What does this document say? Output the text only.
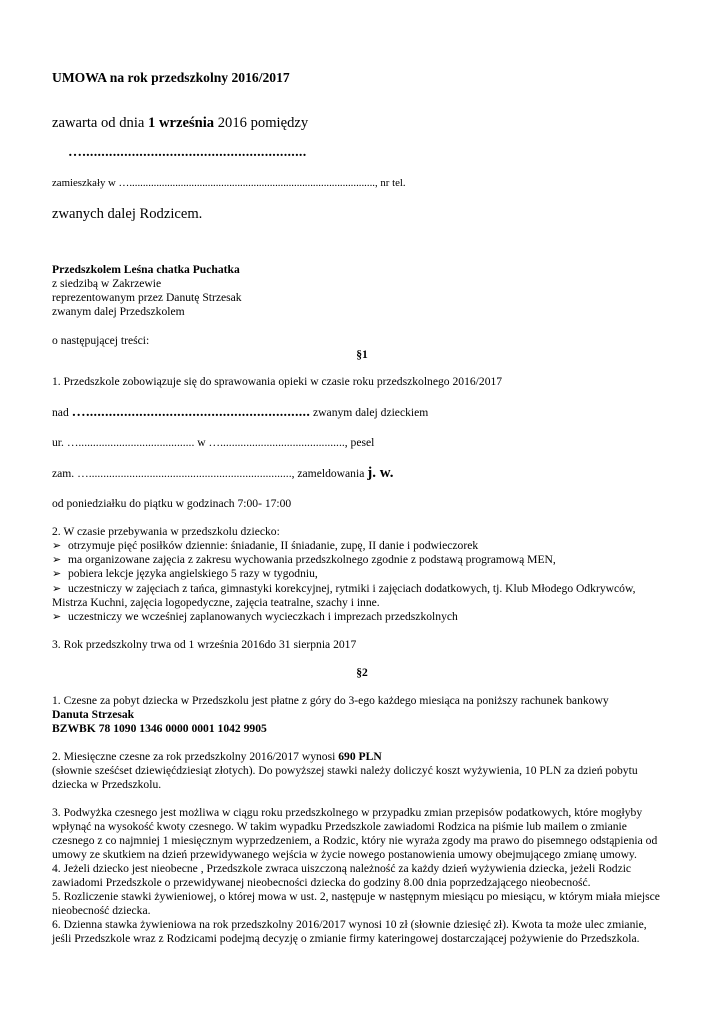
UMOWA na rok przedszkolny 2016/2017
zawarta od dnia 1 września 2016 pomiędzy
…...........................................................
zamieszkały w …..........................................................................................., nr tel.
zwanych dalej Rodzicem.
Przedszkolem Leśna chatka Puchatka
z siedzibą w Zakrzewie
reprezentowanym przez Danutę Strzesak
zwanym dalej Przedszkolem
o następującej treści:
§1
1. Przedszkole zobowiązuje się do sprawowania opieki w czasie roku przedszkolnego 2016/2017
nad …........................................................... zwanym dalej dzieckiem
ur. …........................................ w …..........................................., pesel
zam. …......................................................................, zameldowania j. w.
od poniedziałku do piątku w godzinach 7:00- 17:00
2. W czasie przebywania w przedszkolu dziecko:
➢ otrzymuje pięć posiłków dziennie: śniadanie, II śniadanie, zupę, II danie i podwieczorek
➢ ma organizowane zajęcia z zakresu wychowania przedszkolnego zgodnie z podstawą programową MEN,
➢ pobiera lekcje języka angielskiego 5 razy w tygodniu,
➢ uczestniczy w zajęciach z tańca, gimnastyki korekcyjnej, rytmiki i zajęciach dodatkowych, tj. Klub Młodego Odkrywców,
Mistrza Kuchni, zajęcia logopedyczne, zajęcia teatralne, szachy i inne.
➢ uczestniczy we wcześniej zaplanowanych wycieczkach i imprezach przedszkolnych
3. Rok przedszkolny trwa od 1 września 2016do 31 sierpnia 2017
§2
1. Czesne za pobyt dziecka w Przedszkolu jest płatne z góry do 3-ego każdego miesiąca na poniższy rachunek bankowy
Danuta Strzesak
BZWBK 78 1090 1346 0000 0001 1042 9905
2. Miesięczne czesne za rok przedszkolny 2016/2017 wynosi 690 PLN
(słownie sześćset dziewięćdziesiąt złotych). Do powyższej stawki należy doliczyć koszt wyżywienia, 10 PLN za dzień pobytu
dziecka w Przedszkolu.
3. Podwyżka czesnego jest możliwa w ciągu roku przedszkolnego w przypadku zmian przepisów podatkowych, które mogłyby
wpłynąć na wysokość kwoty czesnego. W takim wypadku Przedszkole zawiadomi Rodzica na piśmie lub mailem o zmianie
czesnego z co najmniej 1 miesięcznym wyprzedzeniem, a Rodzic, który nie wyraża zgody ma prawo do pisemnego odstąpienia od
umowy ze skutkiem na dzień przewidywanego wejścia w życie nowego postanowienia umowy obejmującego zmianę umowy.
4. Jeżeli dziecko jest nieobecne , Przedszkole zwraca uiszczoną należność za każdy dzień wyżywienia dziecka, jeżeli Rodzic
zawiadomi Przedszkole o przewidywanej nieobecności dziecka do godziny 8.00 dnia poprzedzającego nieobecność.
5. Rozliczenie stawki żywieniowej, o której mowa w ust. 2, następuje w następnym miesiącu po miesiącu, w którym miała miejsce
nieobecność dziecka.
6. Dzienna stawka żywieniowa na rok przedszkolny 2016/2017 wynosi 10 zł (słownie dziesięć zł). Kwota ta może ulec zmianie,
jeśli Przedszkole wraz z Rodzicami podejmą decyzję o zmianie firmy kateringowej dostarczającej pożywienie do Przedszkola.
